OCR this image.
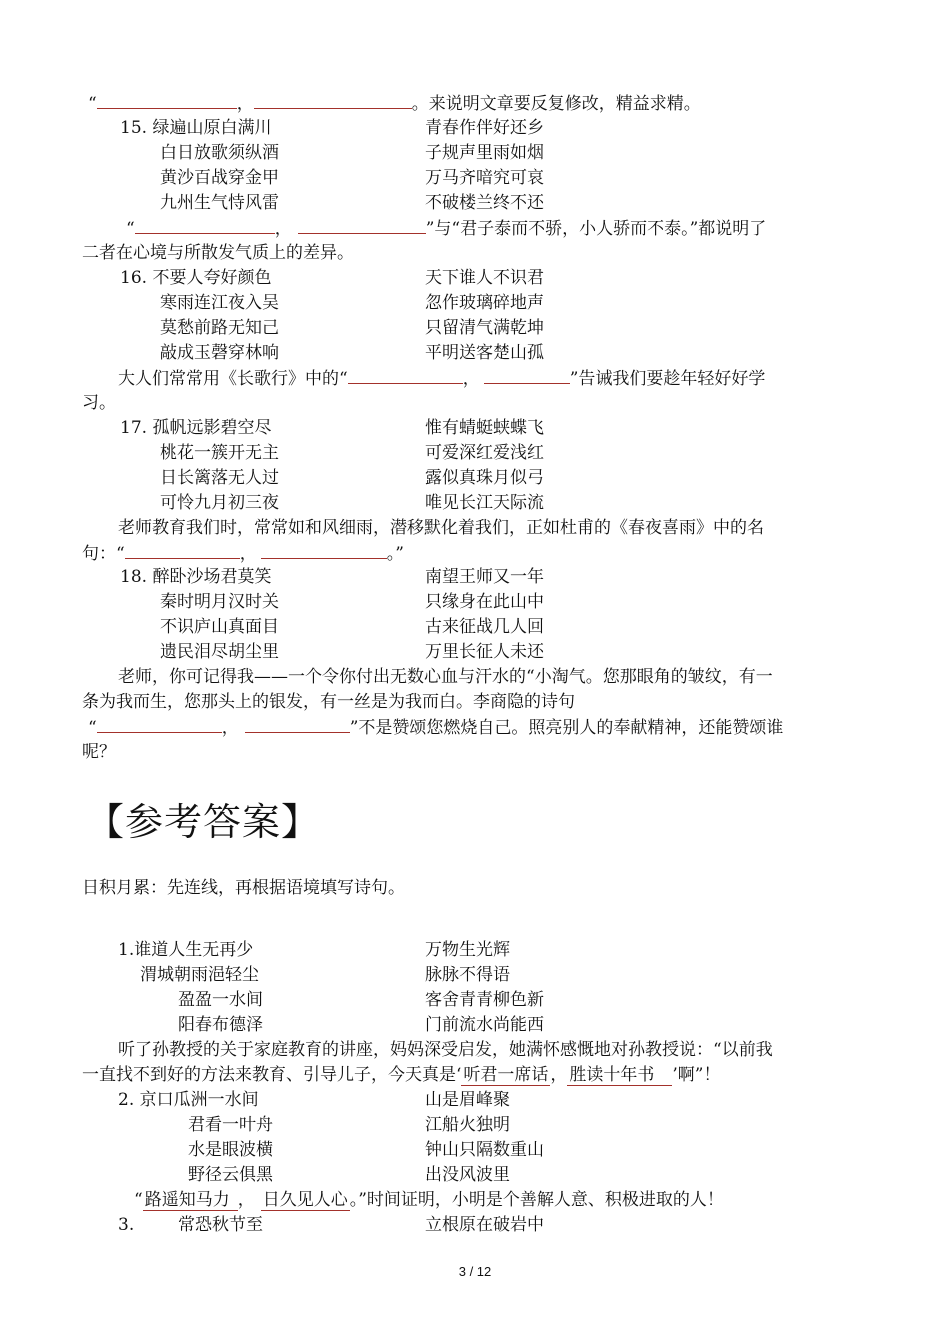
“	，	。来说明文章要反复修改，精益求精。
15. 绿遍山原白满川	青春作伴好还乡
白日放歌须纵酒	子规声里雨如烟
黄沙百战穿金甲	万马齐喑究可哀
九州生气恃风雷	不破楼兰终不还
“	，	”与“君子泰而不骄，小人骄而不泰。”都说明了
二者在心境与所散发气质上的差异。
16. 不要人夸好颜色	天下谁人不识君
寒雨连江夜入吴	忽作玻璃碎地声
莫愁前路无知己	只留清气满乾坤
敲成玉磬穿林响	平明送客楚山孤
大人们常常用《长歌行》中的“	，	”告诫我们要趁年轻好好学
习。
17. 孤帆远影碧空尽	惟有蜻蜓蛱蝶飞
桃花一簇开无主	可爱深红爱浅红
日长篱落无人过	露似真珠月似弓
可怜九月初三夜	唯见长江天际流
老师教育我们时，常常如和风细雨，潜移默化着我们，正如杜甫的《春夜喜雨》中的名
句：“	，	。”
18. 醉卧沙场君莫笑	南望王师又一年
秦时明月汉时关	只缘身在此山中
不识庐山真面目	古来征战几人回
遗民泪尽胡尘里	万里长征人未还
老师，你可记得我——一个令你付出无数心血与汗水的“小淘气。您那眼角的皱纹，有一
条为我而生，您那头上的银发，有一丝是为我而白。李商隐的诗句
“	，	”不是赞颂您燃烧自己。照亮别人的奉献精神，还能赞颂谁
呢？
【参考答案】
日积月累：先连线，再根据语境填写诗句。
1.谁道人生无再少	万物生光辉
渭城朝雨浥轻尘	脉脉不得语
盈盈一水间	客舍青青柳色新
阳春布德泽	门前流水尚能西
听了孙教授的关于家庭教育的讲座，妈妈深受启发，她满怀感慨地对孙教授说：“以前我
一直找不到好的方法来教育、引导儿子，今天真是‘ 听君一席话 ， 胜读十年书 ’啊”！
2. 京口瓜洲一水间	山是眉峰聚
君看一叶舟	江船火独明
水是眼波横	钟山只隔数重山
野径云俱黑	出没风波里
“ 路遥知马力 ， 日久见人心 。”时间证明，小明是个善解人意、积极进取的人！
3.	常恐秋节至	立根原在破岩中
3 / 12
